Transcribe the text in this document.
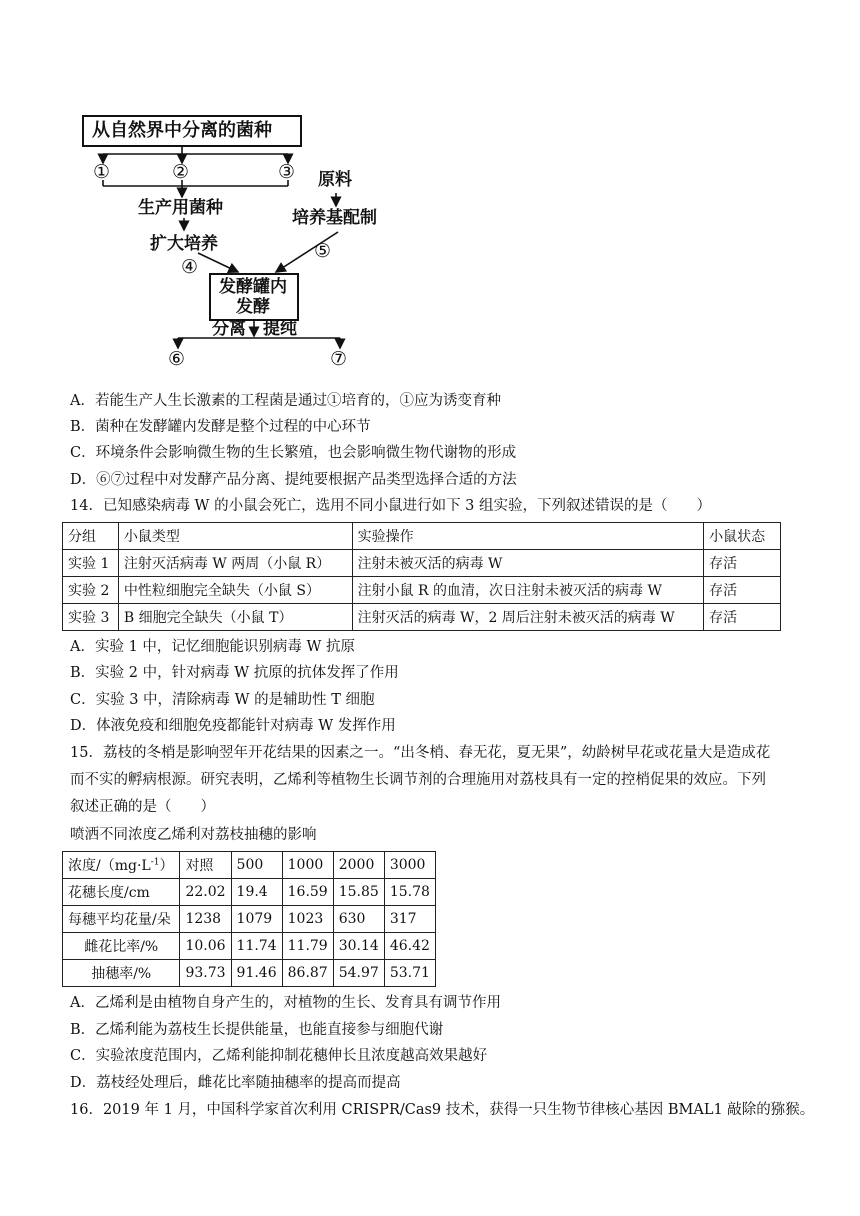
从自然界中分离的菌种
①	②	③ 原料
生产用菌种	培养基配制
扩大培养
④
⑤
发酵罐内
发酵
分离 提纯
⑥	⑦
A．若能生产人生长激素的工程菌是通过①培育的，①应为诱变育种
B．菌种在发酵罐内发酵是整个过程的中心环节
C．环境条件会影响微生物的生长繁殖，也会影响微生物代谢物的形成
D．⑥⑦过程中对发酵产品分离、提纯要根据产品类型选择合适的方法
14．已知感染病毒 W 的小鼠会死亡，选用不同小鼠进行如下 3 组实验，下列叙述错误的是（　　）
分组	小鼠类型	实验操作	小鼠状态
实验 1	注射灭活病毒 W 两周（小鼠 R）	注射未被灭活的病毒 W	存活
实验 2	中性粒细胞完全缺失（小鼠 S）	注射小鼠 R 的血清，次日注射未被灭活的病毒 W	存活
实验 3	B 细胞完全缺失（小鼠 T）	注射灭活的病毒 W，2 周后注射未被灭活的病毒 W	存活
A．实验 1 中，记忆细胞能识别病毒 W 抗原
B．实验 2 中，针对病毒 W 抗原的抗体发挥了作用
C．实验 3 中，清除病毒 W 的是辅助性 T 细胞
D．体液免疫和细胞免疫都能针对病毒 W 发挥作用
15．荔枝的冬梢是影响翌年开花结果的因素之一。“出冬梢、春无花，夏无果”，幼龄树早花或花量大是造成花
而不实的孵病根源。研究表明，乙烯利等植物生长调节剂的合理施用对荔枝具有一定的控梢促果的效应。下列
叙述正确的是（　　）
喷洒不同浓度乙烯利对荔枝抽穗的影响
浓度$/(mg\cdot L^{-1})$	对照	500	1000	2000	3000
花穗长度/cm	22.02	19.4	16.59	15.85	15.78
每穗平均花量/朵	1238	1079	1023	630	317
雌花比率/%	10.06	11.74	11.79	30.14	46.42
抽穗率/%	93.73	91.46	86.87	54.97	53.71
A．乙烯利是由植物自身产生的，对植物的生长、发育具有调节作用
B．乙烯利能为荔枝生长提供能量，也能直接参与细胞代谢
C．实验浓度范围内，乙烯利能抑制花穗伸长且浓度越高效果越好
D．荔枝经处理后，雌花比率随抽穗率的提高而提高
16．2019 年 1 月，中国科学家首次利用 CRISPR/Cas9 技术，获得一只生物节律核心基因 BMAL1 敲除的猕猴。
